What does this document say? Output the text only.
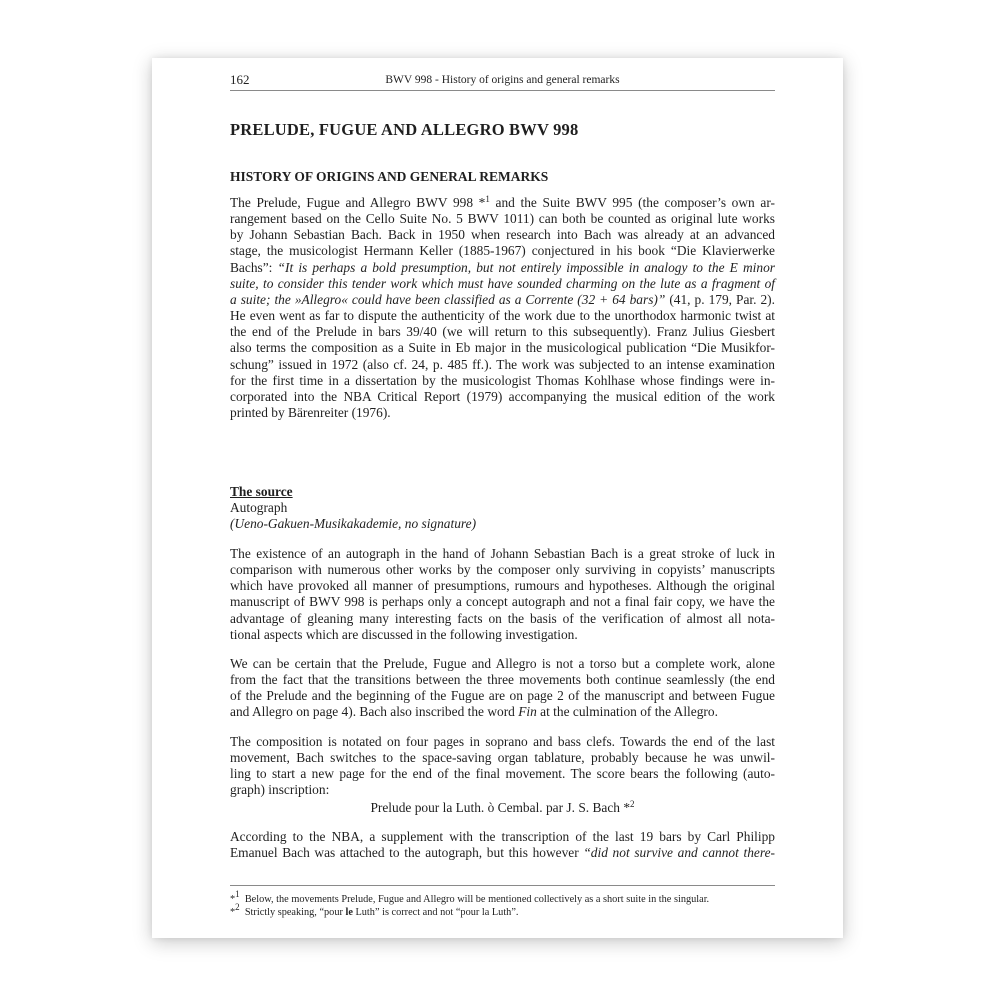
162	BWV 998 - History of origins and general remarks
PRELUDE, FUGUE AND ALLEGRO BWV 998
HISTORY OF ORIGINS AND GENERAL REMARKS

The Prelude, Fugue and Allegro BWV 998 *$^1$ and the Suite BWV 995 (the composer’s own ar-
rangement based on the Cello Suite No. 5 BWV 1011) can both be counted as original lute works
by Johann Sebastian Bach. Back in 1950 when research into Bach was already at an advanced
stage, the musicologist Hermann Keller (1885-1967) conjectured in his book “Die Klavierwerke
Bachs”: “It is perhaps a bold presumption, but not entirely impossible in analogy to the E minor
suite, to consider this tender work which must have sounded charming on the lute as a fragment of
a suite; the »Allegro« could have been classified as a Corrente (32 + 64 bars)” (41, p. 179, Par. 2).
He even went as far to dispute the authenticity of the work due to the unorthodox harmonic twist at
the end of the Prelude in bars 39/40 (we will return to this subsequently). Franz Julius Giesbert
also terms the composition as a Suite in Eb major in the musicological publication “Die Musikfor-
schung” issued in 1972 (also cf. 24, p. 485 ff.). The work was subjected to an intense examination
for the first time in a dissertation by the musicologist Thomas Kohlhase whose findings were in-
corporated into the NBA Critical Report (1979) accompanying the musical edition of the work
printed by Bärenreiter (1976).

The source
Autograph
(Ueno-Gakuen-Musikakademie, no signature)

The existence of an autograph in the hand of Johann Sebastian Bach is a great stroke of luck in
comparison with numerous other works by the composer only surviving in copyists’ manuscripts
which have provoked all manner of presumptions, rumours and hypotheses. Although the original
manuscript of BWV 998 is perhaps only a concept autograph and not a final fair copy, we have the
advantage of gleaning many interesting facts on the basis of the verification of almost all nota-
tional aspects which are discussed in the following investigation.

We can be certain that the Prelude, Fugue and Allegro is not a torso but a complete work, alone
from the fact that the transitions between the three movements both continue seamlessly (the end
of the Prelude and the beginning of the Fugue are on page 2 of the manuscript and between Fugue
and Allegro on page 4). Bach also inscribed the word Fin at the culmination of the Allegro.

The composition is notated on four pages in soprano and bass clefs. Towards the end of the last
movement, Bach switches to the space-saving organ tablature, probably because he was unwil-
ling to start a new page for the end of the final movement. The score bears the following (auto-
graph) inscription:

Prelude pour la Luth. ò Cembal. par J. S. Bach *$^2$

According to the NBA, a supplement with the transcription of the last 19 bars by Carl Philipp
Emanuel Bach was attached to the autograph, but this however “did not survive and cannot there-

*$^1$ Below, the movements Prelude, Fugue and Allegro will be mentioned collectively as a short suite in the singular.
*$^2$ Strictly speaking, “pour le Luth” is correct and not “pour la Luth”.
